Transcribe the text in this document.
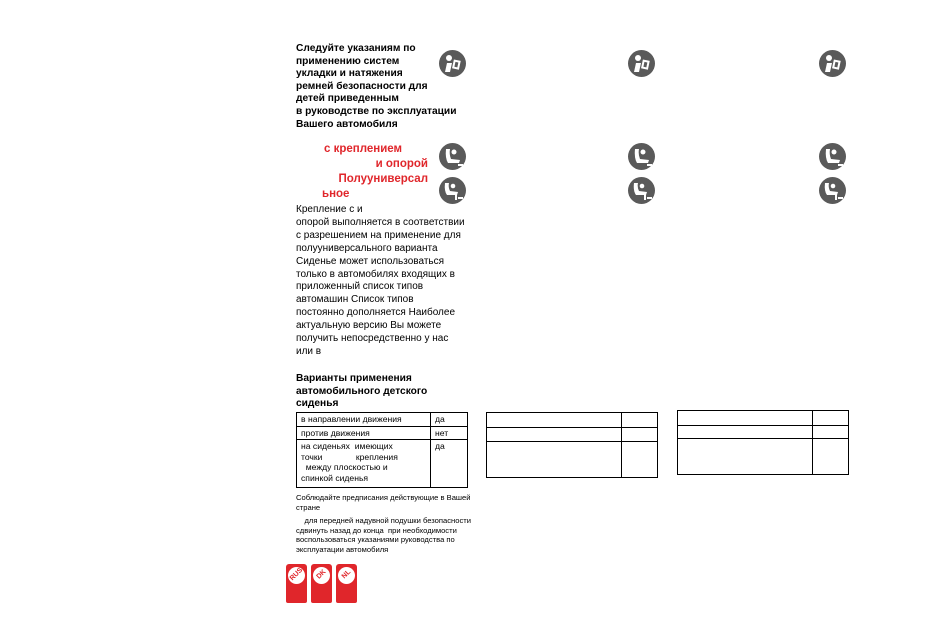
Следуйте указаниям по
применению систем
укладки и натяжения
ремней безопасности для
детей приведенным
в руководстве по эксплуатации
Вашего автомобиля
с креплением
и опорой
Полууниверсал
ьное
Крепление с и
опорой выполняется в соответствии
с разрешением на применение для
полууниверсального варианта
Сиденье может использоваться
только в автомобилях входящих в
приложенный список типов
автомашин Список типов
постоянно дополняется Наиболее
актуальную версию Вы можете
получить непосредственно у нас
или в
Варианты применения
автомобильного детского
сиденья
в направлении движения	да
против движения	нет

на сиденьях  имеющих
точки              крепления
между плоскостью и
спинкой сиденья	да
Соблюдайте предписания действующие в Вашей стране
для передней надувной подушки безопасности  сдвинуть назад до конца  при необходимости воспользоваться указаниями руководства по эксплуатации автомобиля
RUS	DK	NL
